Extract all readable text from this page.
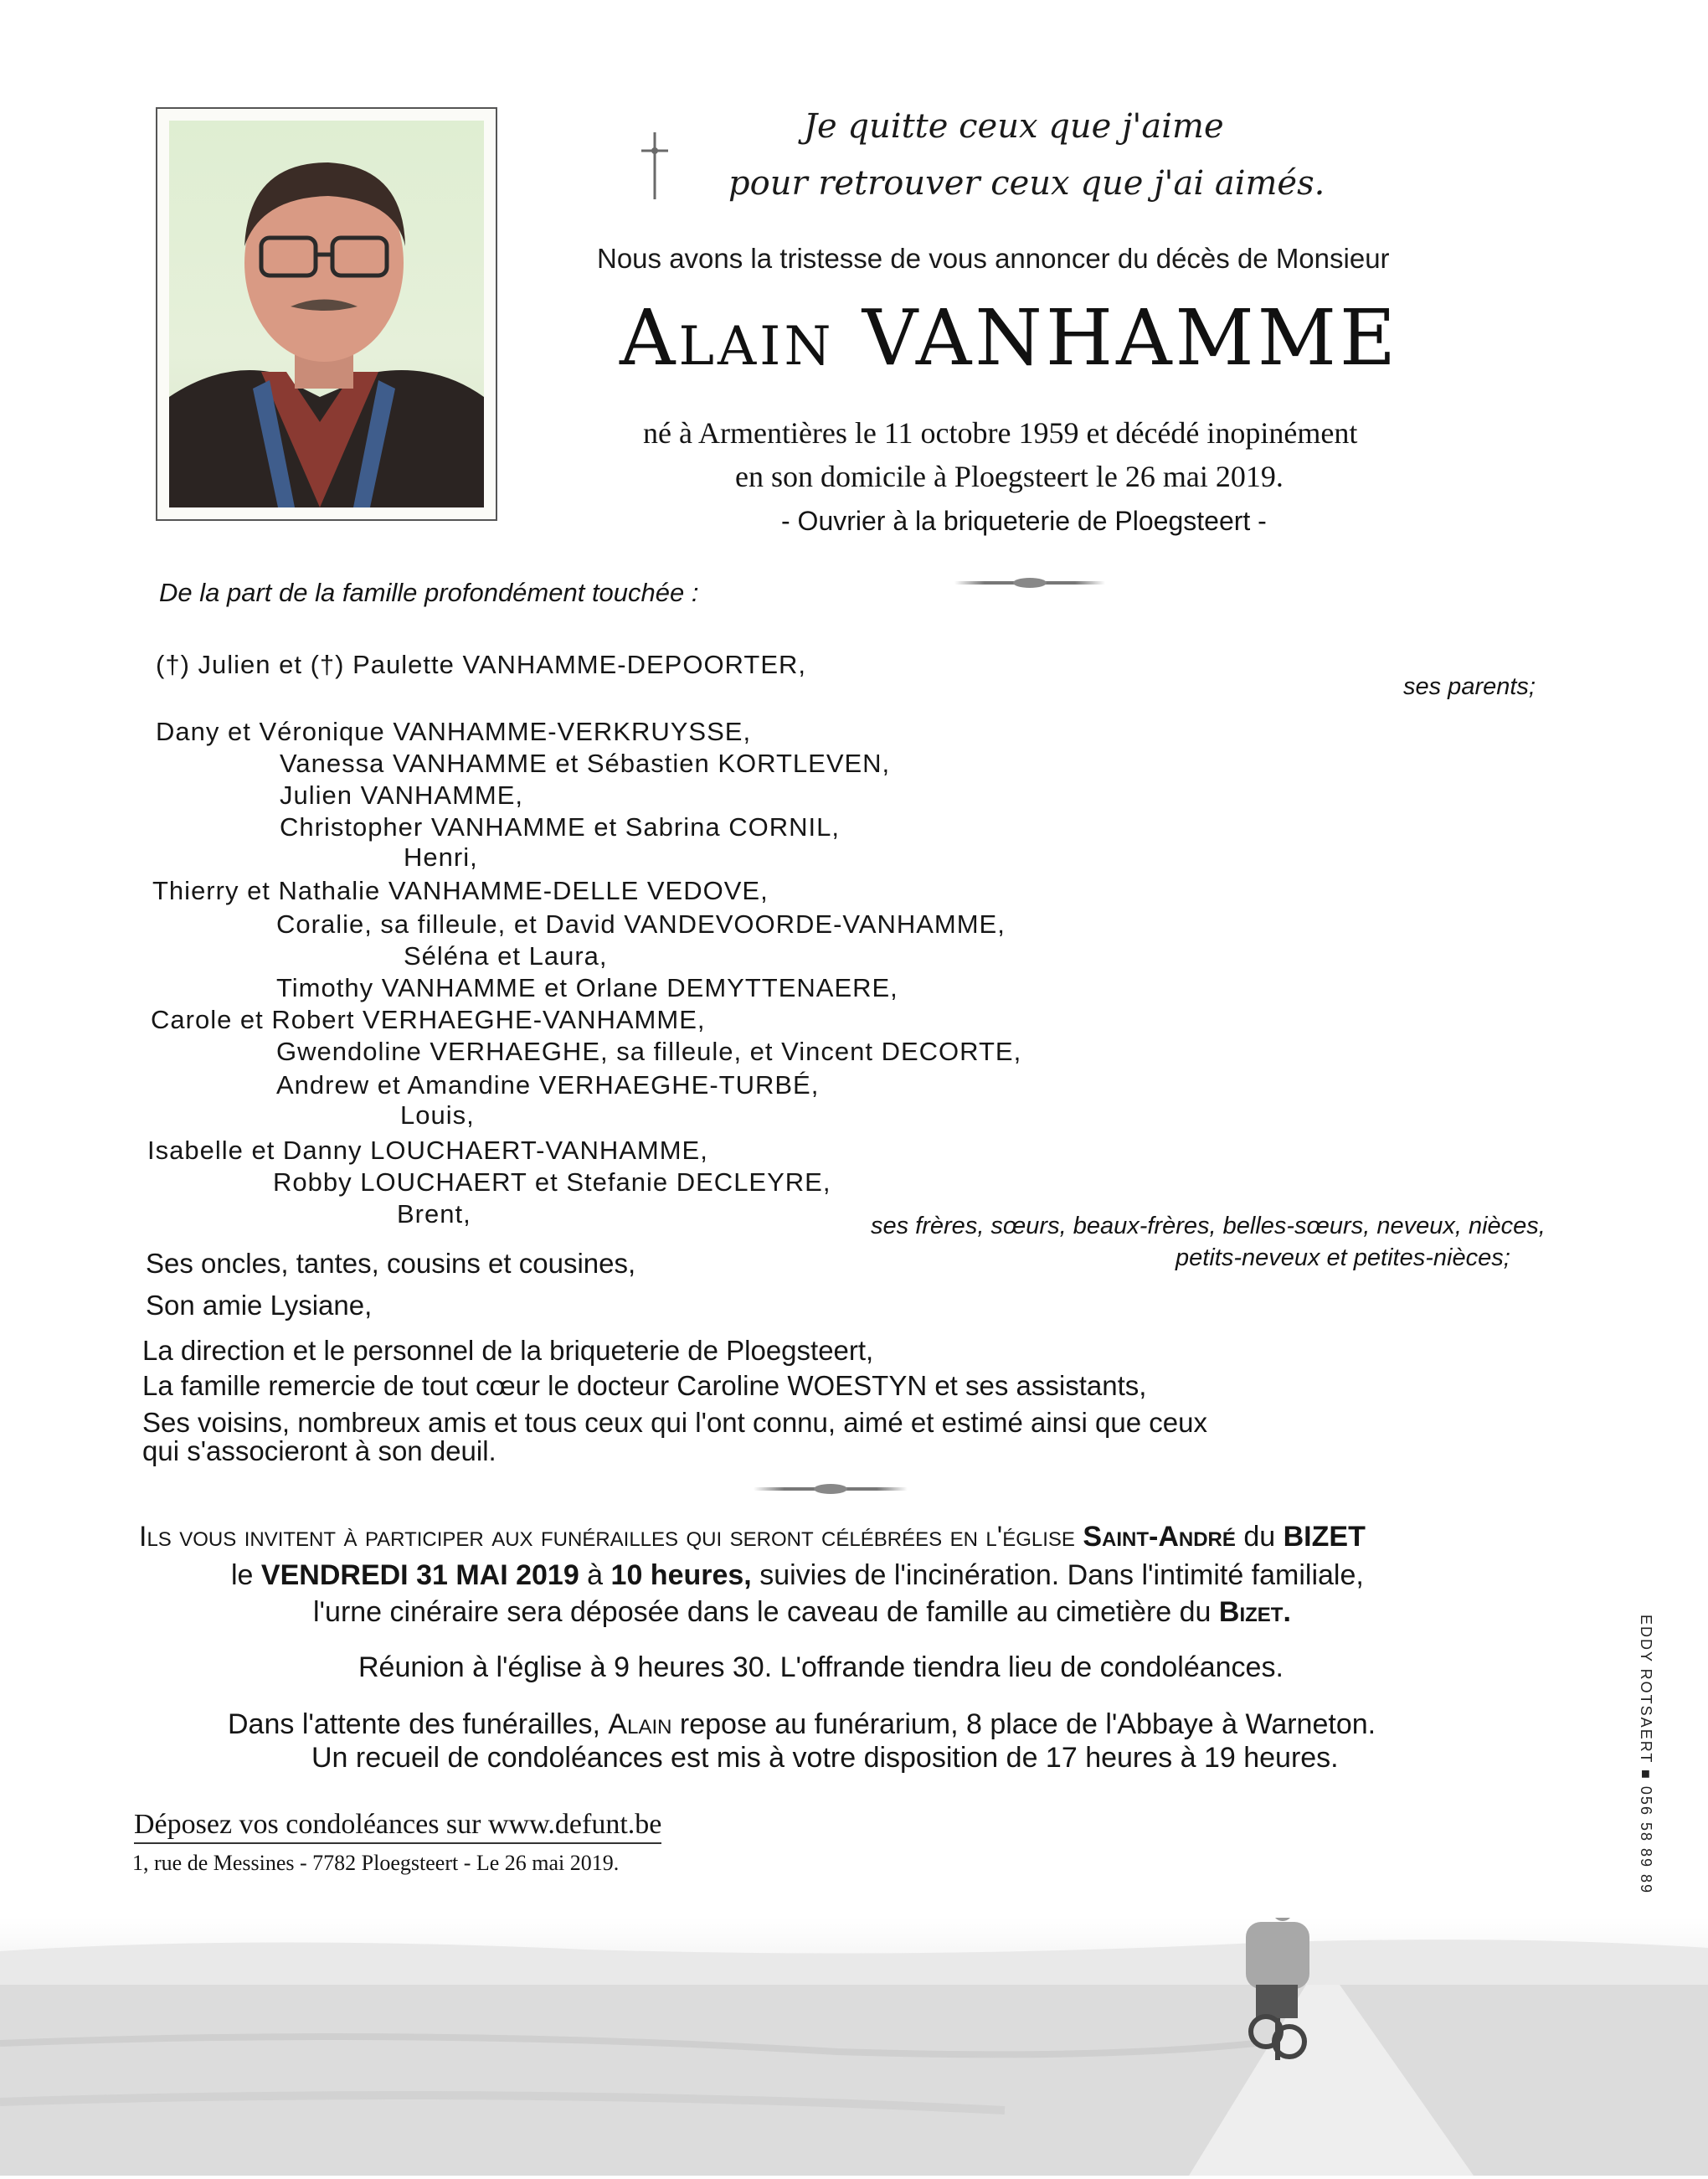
Je quitte ceux que j'aime
pour retrouver ceux que j'ai aimés.
Nous avons la tristesse de vous annoncer du décès de Monsieur
Alain VANHAMME
né à Armentières le 11 octobre 1959 et décédé inopinément
en son domicile à Ploegsteert le 26 mai 2019.
- Ouvrier à la briqueterie de Ploegsteert -
De la part de la famille profondément touchée :
(†) Julien et (†) Paulette VANHAMME-DEPOORTER,
ses parents;
Dany et Véronique VANHAMME-VERKRUYSSE,
Vanessa VANHAMME et Sébastien KORTLEVEN,
Julien VANHAMME,
Christopher VANHAMME et Sabrina CORNIL,
Henri,
Thierry et Nathalie VANHAMME-DELLE VEDOVE,
Coralie, sa filleule, et David VANDEVOORDE-VANHAMME,
Séléna et Laura,
Timothy VANHAMME et Orlane DEMYTTENAERE,
Carole et Robert VERHAEGHE-VANHAMME,
Gwendoline VERHAEGHE, sa filleule, et Vincent DECORTE,
Andrew et Amandine VERHAEGHE-TURBÉ,
Louis,
Isabelle et Danny LOUCHAERT-VANHAMME,
Robby LOUCHAERT et Stefanie DECLEYRE,
Brent,	ses frères, sœurs, beaux-frères, belles-sœurs, neveux, nièces,
petits-neveux et petites-nièces;
Ses oncles, tantes, cousins et cousines,
Son amie Lysiane,
La direction et le personnel de la briqueterie de Ploegsteert,
La famille remercie de tout cœur le docteur Caroline WOESTYN et ses assistants,
Ses voisins, nombreux amis et tous ceux qui l'ont connu, aimé et estimé ainsi que ceux
qui s'associeront à son deuil.
Ils vous invitent à participer aux funérailles qui seront célébrées en l'église Saint-André du BIZET
le VENDREDI 31 MAI 2019 à 10 heures, suivies de l'incinération. Dans l'intimité familiale,
l'urne cinéraire sera déposée dans le caveau de famille au cimetière du Bizet.
Réunion à l'église à 9 heures 30. L'offrande tiendra lieu de condoléances.
Dans l'attente des funérailles, Alain repose au funérarium, 8 place de l'Abbaye à Warneton.
Un recueil de condoléances est mis à votre disposition de 17 heures à 19 heures.
Déposez vos condoléances sur www.defunt.be
1, rue de Messines - 7782 Ploegsteert - Le 26 mai 2019.	EDDY ROTSAERT ■ 056 58 89 89
